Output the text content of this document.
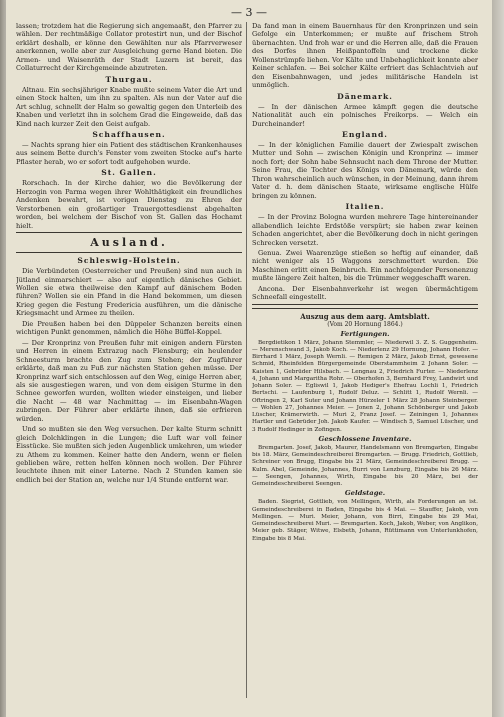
— 3 —

lassen; trotzdem hat die Regierung sich angemaaßt, den Pfarrer zu wählen. Der rechtmäßige Collator protestirt nun, und der Bischof erklärt deshalb, er könne den Gewählten nur als Pfarrverweser anerkennen, wolle aber zur Ausgleichung gerne Hand bieten. Die Armen- und Waisenräth der Stadt Luzern ist bereit, das Collaturrecht der Kirchgemeinde abzutreten.

Thurgau.

Altnau. Ein sechsjähriger Knabe mußte seinem Vater die Art und einen Stock halten, um ihn zu spalten. Als nun der Vater auf die Art schlug, schnellt der Halm so gewaltig gegen den Unterleib des Knaben und verletzt ihn in solchem Grad die Eingeweide, daß das Kind nach kurzer Zeit den Geist aufgab.

Schaffhausen.

— Nachts sprang hier ein Patient des städtischen Krankenhauses aus seinem Bette durch's Fenster vom zweiten Stocke auf's harte Pflaster herab, wo er sofort todt aufgehoben wurde.

St. Gallen.

Rorschach. In der Kirche dahier, wo die Bevölkerung der Herzogin von Parma wegen ihrer Wohlthätigkeit ein freundliches Andenken bewahrt, ist vorigen Dienstag zu Ehren der Verstorbenen ein großartiger Trauergottesdienst abgehalten worden, bei welchem der Bischof von St. Gallen das Hochamt hielt.

Ausland.
Schleswig-Holstein.

Die Verbündeten (Oesterreicher und Preußen) sind nun auch in Jütland einmarschiert — also auf eigentlich dänisches Gebiet. Wollen sie etwa theilweise den Kampf auf dänischem Boden führen? Wollen sie ein Pfand in die Hand bekommen, um diesen Krieg gegen die Festung Fredericia ausführen, um die dänische Kriegsmacht und Armee zu theilen.

Die Preußen haben bei den Düppeler Schanzen bereits einen wichtigen Punkt genommen, nämlich die Höhe Büffel-Koppel.

— Der Kronprinz von Preußen fuhr mit einigen andern Fürsten und Herren in einem Extrazug nach Flensburg; ein heulender Schneesturm brachte den Zug zum Stehen; der Zugführer erklärte, daß man zu Fuß zur nächsten Station gehen müsse. Der Kronprinz warf sich entschlossen auf den Weg, einige Herren aber, als sie ausgestiegen waren, und von dem eisigen Sturme in den Schnee geworfen wurden, wollten wieder einsteigen, und lieber die Nacht — 48 war Nachmittag — im Eisenbahn-Wagen zubringen. Der Führer aber erklärte ihnen, daß sie erfrieren würden.

Und so mußten sie den Weg versuchen. Der kalte Sturm schnitt gleich Dolchklingen in die Lungen; die Luft war voll feiner Eisstücke. Sie mußten sich jeden Augenblick umkehren, um wieder zu Athem zu kommen. Keiner hatte den Andern, wenn er fielen geblieben wäre, retten helfen können noch wollen. Der Führer leuchtete ihnen mit einer Laterne. Nach 2 Stunden kamen sie endlich bei der Station an, welche nur 1/4 Stunde entfernt war.

Da fand man in einem Bauernhaus für den Kronprinzen und sein Gefolge ein Unterkommen; er mußte auf frischem Stroh übernachten. Und froh war er und die Herren alle, daß die Frauen des Dorfes ihnen Heißpantoffeln und trockene dicke Wollenstrümpfe liehen. Vor Kälte und Unbehaglichkeit konnte aber Keiner schlafen. — Bei solcher Kälte erfriert das Schlachtvieh auf den Eisenbahnwagen, und jedes militärische Handeln ist unmöglich.

Dänemark.

— In der dänischen Armee kämpft gegen die deutsche Nationalität auch ein polnisches Freikorps. — Welch ein Durcheinander!

England.

— In der königlichen Familie dauert der Zwiespalt zwischen Mutter und Sohn — zwischen Königin und Kronprinz — immer noch fort; der Sohn habe Sehnsucht nach dem Throne der Mutter. Seine Frau, die Tochter des Königs von Dänemark, würde den Thron wahrscheinlich auch wünschen, in der Meinung, dann ihrem Vater d. h. dem dänischen Staate, wirksame englische Hülfe bringen zu können.

Italien.

— In der Provinz Bologna wurden mehrere Tage hintereinander allabendlich leichte Erdstöße verspürt; sie haben zwar keinen Schaden angerichtet, aber die Bevölkerung doch in nicht geringen Schrecken versetzt.

Genua. Zwei Waarenzüge stießen so heftig auf einander, daß nicht weniger als 15 Waggons zerschmettert wurden. Die Maschinen erlitt einen Beinbruch. Ein nachfolgender Personenzug mußte längere Zeit halten, bis die Trümmer weggeschafft waren.

Ancona. Der Eisenbahnverkehr ist wegen übermächtigem Schneefall eingestellt.

Auszug aus dem aarg. Amtsblatt.
(Vom 20 Hornung 1864.)
Fertigungen.

Bergdietikon 1 März, Johann Stemmler, — Niederwil 3. Z. S. Guggenheim. — Merenschwand 3, Jakob Koch. — Niederlenz 29 Hornung, Johann Hofer. — Birrhard 1 März, Joseph Wernli. — Remigen 2 März, Jakob Ernst, gewesene Schmid, Rheinfelden Bürgergemeinde Oberstammheim 2 Johann Soler. — Kaisten 1, Gebrüder Hilsbach. — Lengnau 2, Friedrich Furter. — Niederlenz 4, Johann und Margaritha Rohr. — Oberhofen 3, Bernhard Frey, Landwirt und Johann Soler. — Egliswil 1, Jakob Hediger's Ehefrau Lochli 1, Friedrich Bertschi. — Laufenburg 1, Rudolf Deluz. — Schlitt 1, Rudolf Wernli. — Oftringen 2, Karl Suter und Johann Hürzeler 1 März 28 Johann Steinberger. — Wohlen 27, Johannes Meier. — Jonen 2, Johann Schönberger und Jakob Lüscher, Krämerwirth. — Muri 2, Franz Josef. — Zeiningen 1, Johannes Hartler und Gebrüder Joh. Jakob Kaufer. — Windisch 5, Samuel Lüscher, und 3 Rudolf Hedinger in Zofingen.

Geschlossene Inventare.

Bremgarten. Josef, Jakob, Maurer, Handelsmann von Bremgarten, Eingabe bis 18. März, Gemeindeschreiberei Bremgarten. — Brugg. Friedrich, Gottlieb, Schreiner von Brugg, Eingabe bis 21 März, Gemeindeschreiberei Brugg. — Kulm. Abel, Gemeinde, Johannes, Burri von Lenzburg, Eingabe bis 26 März. — Seengen, Johannes, Wirth, Eingabe bis 20 März, bei der Gemeindeschreiberei Seengen.

Geldstage.

Baden. Siegrist, Gottlieb, von Mellingen, Wirth, als Forderungen an ist. Gemeindeschreiberei in Baden, Eingabe bis 4 Mai. — Stauffer, Jakob, von Mellingen. — Muri. Meier, Johann, von Birri, Eingabe bis 29 Mai, Gemeindeschreiberei Muri. — Bremgarten. Koch, Jakob, Weber, von Anglikon, Meier geb. Stäger, Witwe, Elsbeth, Johann, Rüttimann von Unterlunkhofen, Eingabe bis 8 Mai.
